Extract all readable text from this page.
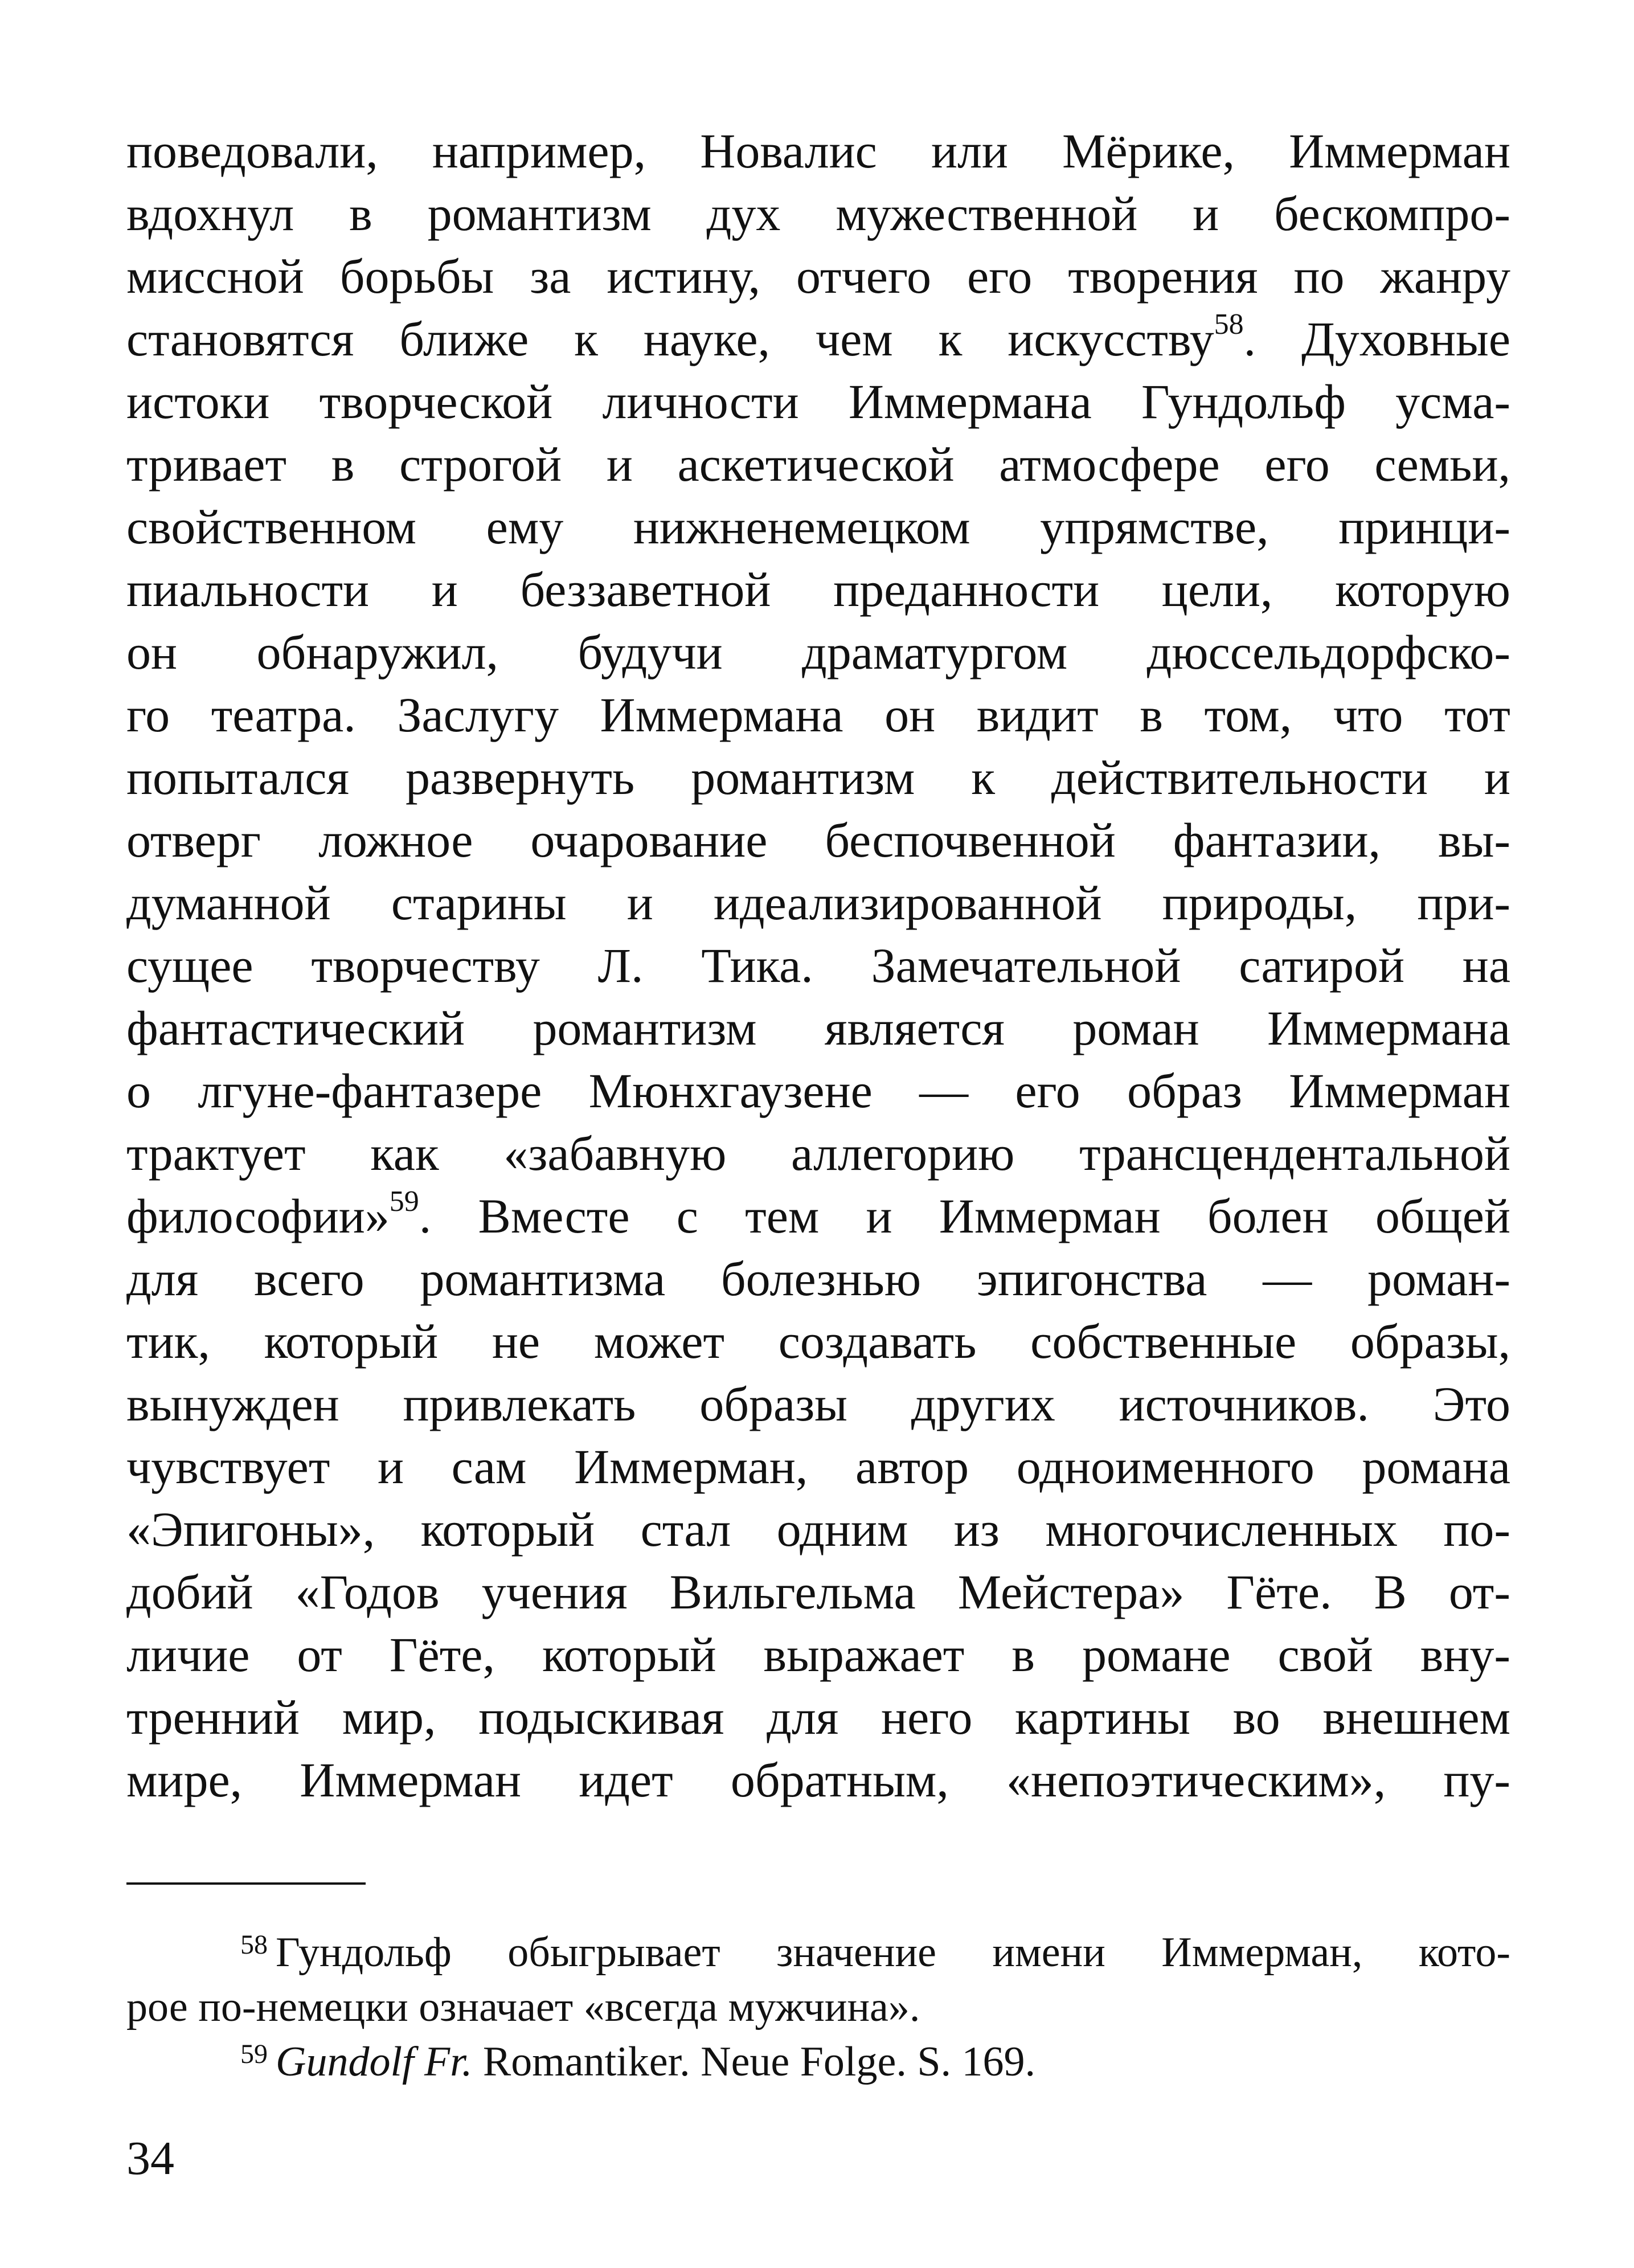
поведовали, например, Новалис или Мёрике, Иммерман
вдохнул в романтизм дух мужественной и бескомпро-
миссной борьбы за истину, отчего его творения по жанру
становятся ближе к науке, чем к искусству$^{58}$. Духовные
истоки творческой личности Иммермана Гундольф усма-
тривает в строгой и аскетической атмосфере его семьи,
свойственном ему нижненемецком упрямстве, принци-
пиальности и беззаветной преданности цели, которую
он обнаружил, будучи драматургом дюссельдорфско-
го театра. Заслугу Иммермана он видит в том, что тот
попытался развернуть романтизм к действительности и
отверг ложное очарование беспочвенной фантазии, вы-
думанной старины и идеализированной природы, при-
сущее творчеству Л. Тика. Замечательной сатирой на
фантастический романтизм является роман Иммермана
о лгуне-фантазере Мюнхгаузене — его образ Иммерман
трактует как «забавную аллегорию трансцендентальной
философии»$^{59}$. Вместе с тем и Иммерман болен общей
для всего романтизма болезнью эпигонства — роман-
тик, который не может создавать собственные образы,
вынужден привлекать образы других источников. Это
чувствует и сам Иммерман, автор одноименного романа
«Эпигоны», который стал одним из многочисленных по-
добий «Годов учения Вильгельма Мейстера» Гёте. В от-
личие от Гёте, который выражает в романе свой вну-
тренний мир, подыскивая для него картины во внешнем
мире, Иммерман идет обратным, «непоэтическим», пу-
$^{58}$ Гундольф обыгрывает значение имени Иммерман, кото-
рое по-немецки означает «всегда мужчина».
$^{59}$ Gundolf Fr. Romantiker. Neue Folge. S. 169.
34
